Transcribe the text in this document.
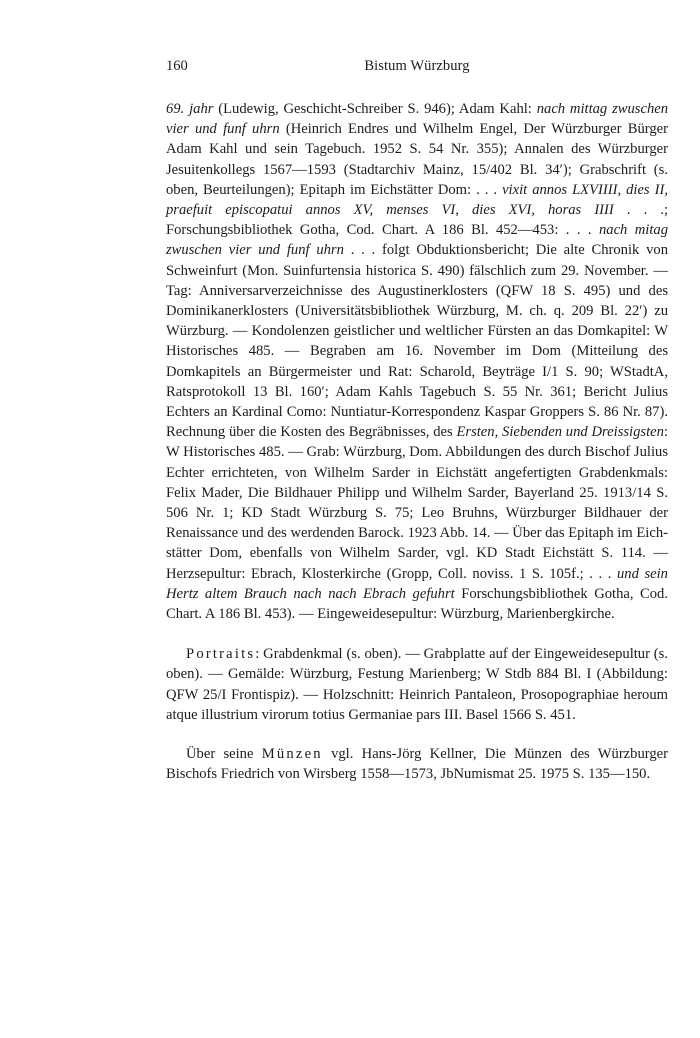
160	Bistum Würzburg

69. jahr (Ludewig, Geschicht-Schreiber S. 946); Adam Kahl: nach mittag zwuschen vier und funf uhrn (Heinrich Endres und Wilhelm Engel, Der Würzburger Bürger Adam Kahl und sein Tagebuch. 1952 S. 54 Nr. 355); Annalen des Würzburger Jesuitenkollegs 1567—1593 (Stadtarchiv Mainz, 15/402 Bl. 34′); Grabschrift (s. oben, Beurteilungen); Epitaph im Eichstätter Dom: . . . vixit annos LXVIIII, dies II, praefuit episcopatui annos XV, menses VI, dies XVI, horas IIII . . .; Forschungsbibliothek Gotha, Cod. Chart. A 186 Bl. 452—453: . . . nach mitag zwuschen vier und funf uhrn . . . folgt Obduktionsbericht; Die alte Chronik von Schweinfurt (Mon. Suinfurtensia historica S. 490) fälschlich zum 29. November. — Tag: Anniversarverzeichnisse des Augustinerklosters (QFW 18 S. 495) und des Dominikanerklosters (Universitätsbibliothek Würzburg, M. ch. q. 209 Bl. 22′) zu Würzburg. — Kondolenzen geistlicher und weltlicher Fürsten an das Domkapitel: W Historisches 485. — Begraben am 16. November im Dom (Mitteilung des Domkapitels an Bürgermeister und Rat: Scharold, Beyträge I/1 S. 90; WStadtA, Ratsprotokoll 13 Bl. 160′; Adam Kahls Tagebuch S. 55 Nr. 361; Bericht Julius Echters an Kardinal Como: Nuntiatur-Korrespondenz Kaspar Groppers S. 86 Nr. 87). Rechnung über die Kosten des Begräbnisses, des Ersten, Siebenden und Dreissigsten: W Historisches 485. — Grab: Würzburg, Dom. Abbildungen des durch Bischof Julius Echter errichteten, von Wilhelm Sarder in Eichstätt angefertigten Grabdenkmals: Felix Mader, Die Bildhauer Philipp und Wilhelm Sarder, Bayerland 25. 1913/14 S. 506 Nr. 1; KD Stadt Würzburg S. 75; Leo Bruhns, Würzburger Bildhauer der Renaissance und des werdenden Barock. 1923 Abb. 14. — Über das Epitaph im Eichstätter Dom, ebenfalls von Wilhelm Sarder, vgl. KD Stadt Eichstätt S. 114. — Herzsepultur: Ebrach, Klosterkirche (Gropp, Coll. noviss. 1 S. 105f.; . . . und sein Hertz altem Brauch nach nach Ebrach gefuhrt Forschungsbibliothek Gotha, Cod. Chart. A 186 Bl. 453). — Eingeweidesepultur: Würzburg, Marienbergkirche.

Portraits: Grabdenkmal (s. oben). — Grabplatte auf der Eingeweidesepultur (s. oben). — Gemälde: Würzburg, Festung Marienberg; W Stdb 884 Bl. I (Abbildung: QFW 25/I Frontispiz). — Holzschnitt: Heinrich Pantaleon, Prosopographiae heroum atque illustrium virorum totius Germaniae pars III. Basel 1566 S. 451.

Über seine Münzen vgl. Hans-Jörg Kellner, Die Münzen des Würzburger Bischofs Friedrich von Wirsberg 1558—1573, JbNumismat 25. 1975 S. 135—150.
